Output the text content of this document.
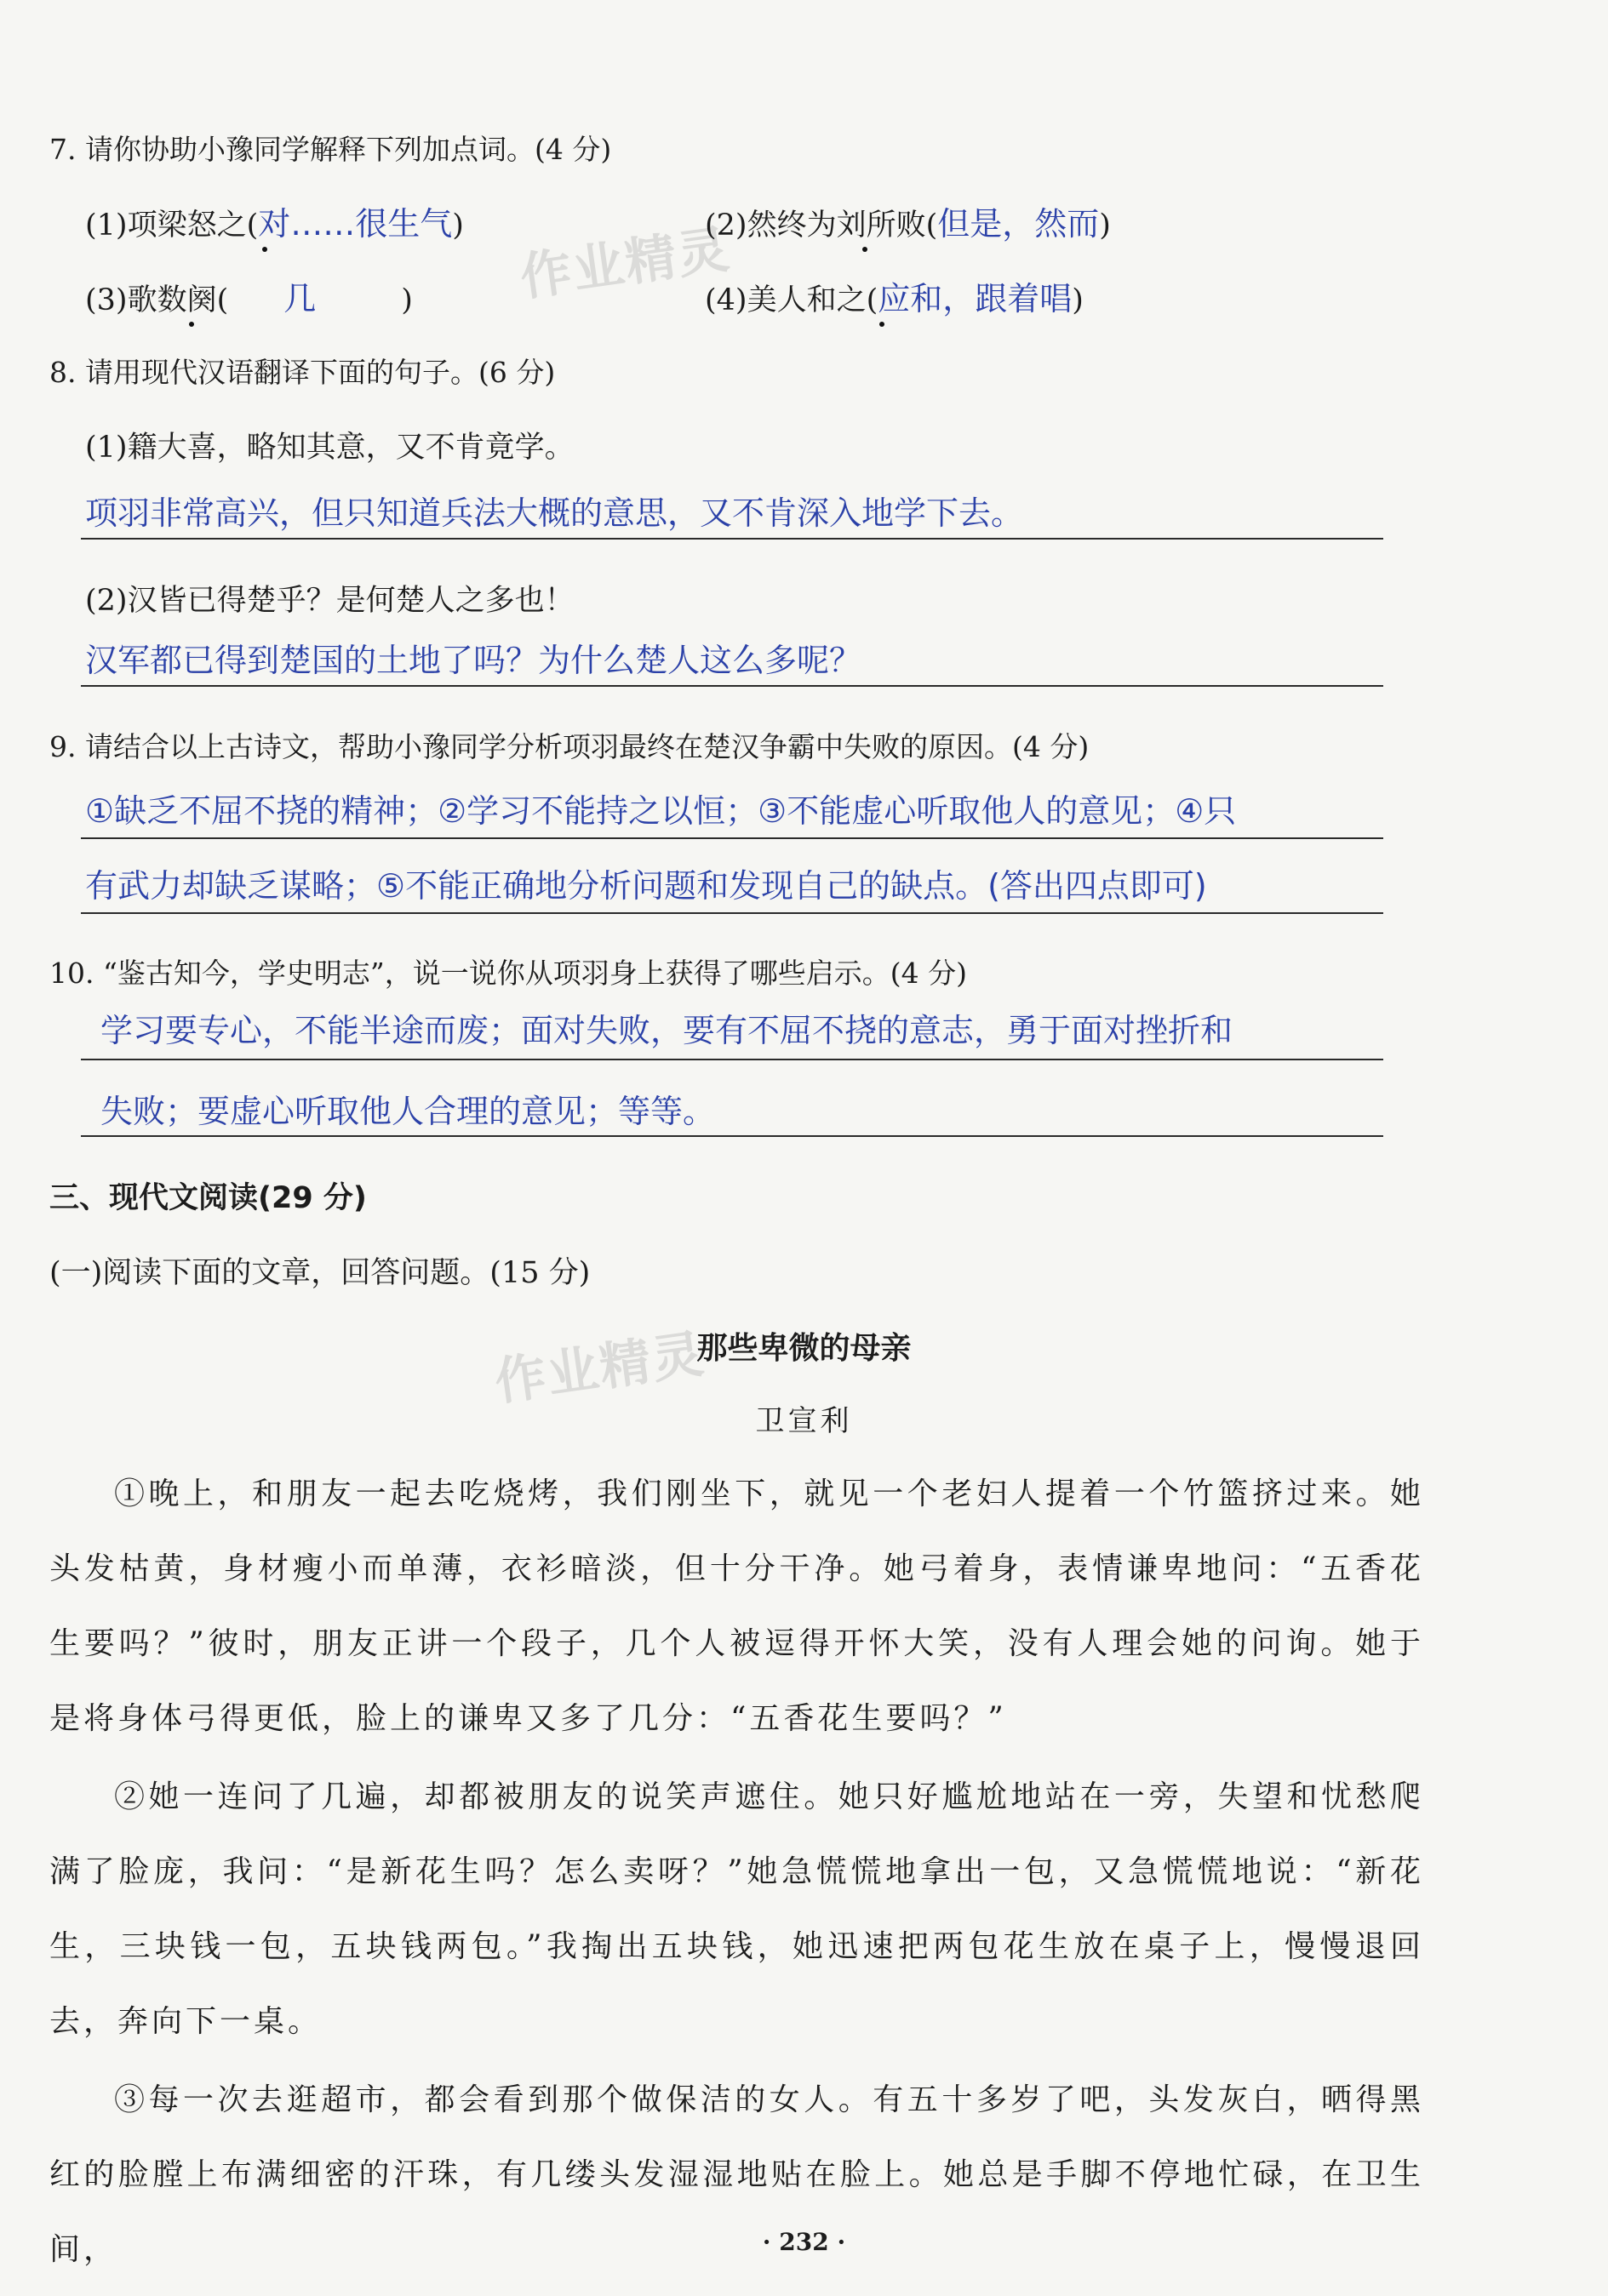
作业精灵
作业精灵
7. 请你协助小豫同学解释下列加点词。(4 分)
(1)项梁怒之(对……很生气)	(2)然终为刘所败(但是，然而)
(3)歌数阕( 几	)	(4)美人和之(应和，跟着唱)
8. 请用现代汉语翻译下面的句子。(6 分)
(1)籍大喜，略知其意，又不肯竟学。
项羽非常高兴，但只知道兵法大概的意思，又不肯深入地学下去。
(2)汉皆已得楚乎？是何楚人之多也！
汉军都已得到楚国的土地了吗？为什么楚人这么多呢？
9. 请结合以上古诗文，帮助小豫同学分析项羽最终在楚汉争霸中失败的原因。(4 分)
①缺乏不屈不挠的精神；②学习不能持之以恒；③不能虚心听取他人的意见；④只
有武力却缺乏谋略；⑤不能正确地分析问题和发现自己的缺点。(答出四点即可)
10. “鉴古知今，学史明志”，说一说你从项羽身上获得了哪些启示。(4 分)
学习要专心，不能半途而废；面对失败，要有不屈不挠的意志，勇于面对挫折和
失败；要虚心听取他人合理的意见；等等。
三、现代文阅读(29 分)
(一)阅读下面的文章，回答问题。(15 分)
那些卑微的母亲
卫宣利
①晚上，和朋友一起去吃烧烤，我们刚坐下，就见一个老妇人提着一个竹篮挤过来。她头发枯黄，身材瘦小而单薄，衣衫暗淡，但十分干净。她弓着身，表情谦卑地问：“五香花生要吗？”彼时，朋友正讲一个段子，几个人被逗得开怀大笑，没有人理会她的问询。她于是将身体弓得更低，脸上的谦卑又多了几分：“五香花生要吗？”
②她一连问了几遍，却都被朋友的说笑声遮住。她只好尴尬地站在一旁，失望和忧愁爬满了脸庞，我问：“是新花生吗？怎么卖呀？”她急慌慌地拿出一包，又急慌慌地说：“新花生，三块钱一包，五块钱两包。”我掏出五块钱，她迅速把两包花生放在桌子上，慢慢退回去，奔向下一桌。
③每一次去逛超市，都会看到那个做保洁的女人。有五十多岁了吧，头发灰白，晒得黑红的脸膛上布满细密的汗珠，有几缕头发湿湿地贴在脸上。她总是手脚不停地忙碌，在卫生间，	· 232 ·
